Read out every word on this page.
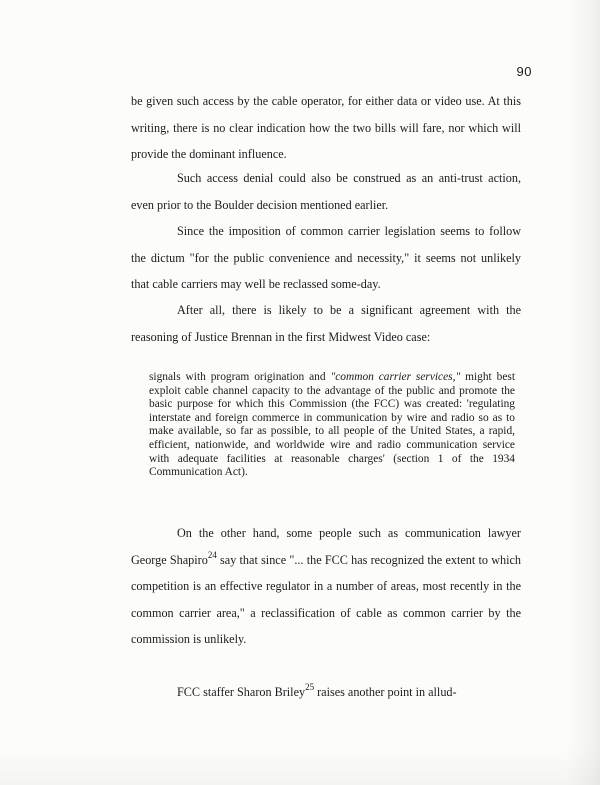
90

be given such access by the cable operator, for either data or video use. At this writing, there is no clear indication how the two bills will fare, nor which will provide the dominant influence.

Such access denial could also be construed as an anti-trust action, even prior to the Boulder decision mentioned earlier.

Since the imposition of common carrier legislation seems to follow the dictum "for the public convenience and necessity," it seems not unlikely that cable carriers may well be reclassed some-day.

After all, there is likely to be a significant agreement with the reasoning of Justice Brennan in the first Midwest Video case:

signals with program origination and "common carrier services," might best exploit cable channel capacity to the advantage of the public and promote the basic purpose for which this Commission (the FCC) was created: 'regulating interstate and foreign commerce in communication by wire and radio so as to make available, so far as possible, to all people of the United States, a rapid, efficient, nationwide, and worldwide wire and radio communication service with adequate facilities at reasonable charges' (section 1 of the 1934 Communication Act).

On the other hand, some people such as communication lawyer George Shapiro$^{24}$ say that since "... the FCC has recognized the extent to which competition is an effective regulator in a number of areas, most recently in the common carrier area," a reclassification of cable as common carrier by the commission is unlikely.

FCC staffer Sharon Briley$^{25}$ raises another point in allud-
